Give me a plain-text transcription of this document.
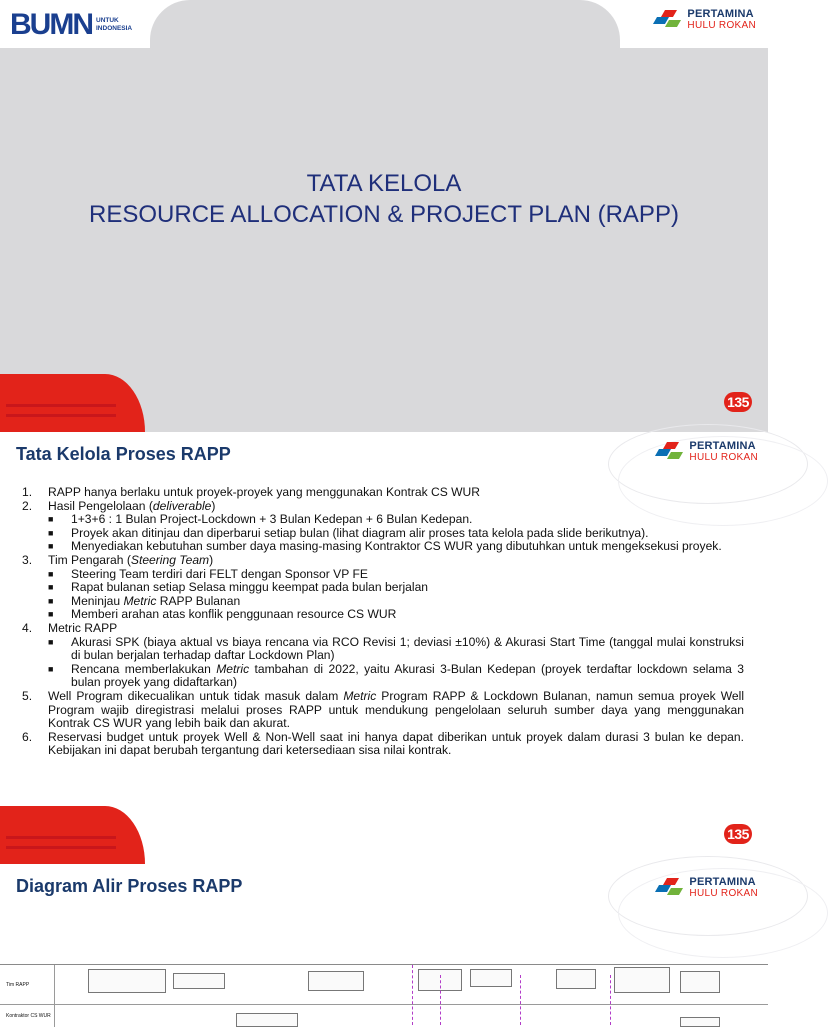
BUMN UNTUK
INDONESIA
PERTAMINA
HULU ROKAN
TATA KELOLA
RESOURCE ALLOCATION & PROJECT PLAN (RAPP)
135
PERTAMINA
HULU ROKAN
Tata Kelola Proses RAPP
1.	RAPP hanya berlaku untuk proyek-proyek yang menggunakan Kontrak CS WUR
2.	Hasil Pengelolaan (deliverable)
■	1+3+6 : 1 Bulan Project-Lockdown + 3 Bulan Kedepan + 6 Bulan Kedepan.
■	Proyek akan ditinjau dan diperbarui setiap bulan (lihat diagram alir proses tata kelola pada slide berikutnya).
■	Menyediakan kebutuhan sumber daya masing-masing Kontraktor CS WUR yang dibutuhkan untuk mengeksekusi proyek.
3.	Tim Pengarah (Steering Team)
■	Steering Team terdiri dari FELT dengan Sponsor VP FE
■	Rapat bulanan setiap Selasa minggu keempat pada bulan berjalan
■	Meninjau Metric RAPP Bulanan
■	Memberi arahan atas konflik penggunaan resource CS WUR
4.	Metric RAPP
■	Akurasi SPK (biaya aktual vs biaya rencana via RCO Revisi 1; deviasi ±10%) & Akurasi Start Time (tanggal mulai konstruksi di bulan berjalan terhadap daftar Lockdown Plan)
■	Rencana memberlakukan Metric tambahan di 2022, yaitu Akurasi 3-Bulan Kedepan (proyek terdaftar lockdown selama 3 bulan proyek yang didaftarkan)
5.	Well Program dikecualikan untuk tidak masuk dalam Metric Program RAPP & Lockdown Bulanan, namun semua proyek Well Program wajib diregistrasi melalui proses RAPP untuk mendukung pengelolaan seluruh sumber daya yang menggunakan Kontrak CS WUR yang lebih baik dan akurat.
6.	Reservasi budget untuk proyek Well & Non-Well saat ini hanya dapat diberikan untuk proyek dalam durasi 3 bulan ke depan. Kebijakan ini dapat berubah tergantung dari ketersediaan sisa nilai kontrak.
135
PERTAMINA
HULU ROKAN
Diagram Alir Proses RAPP
Tim RAPP
Kontraktor CS WUR
